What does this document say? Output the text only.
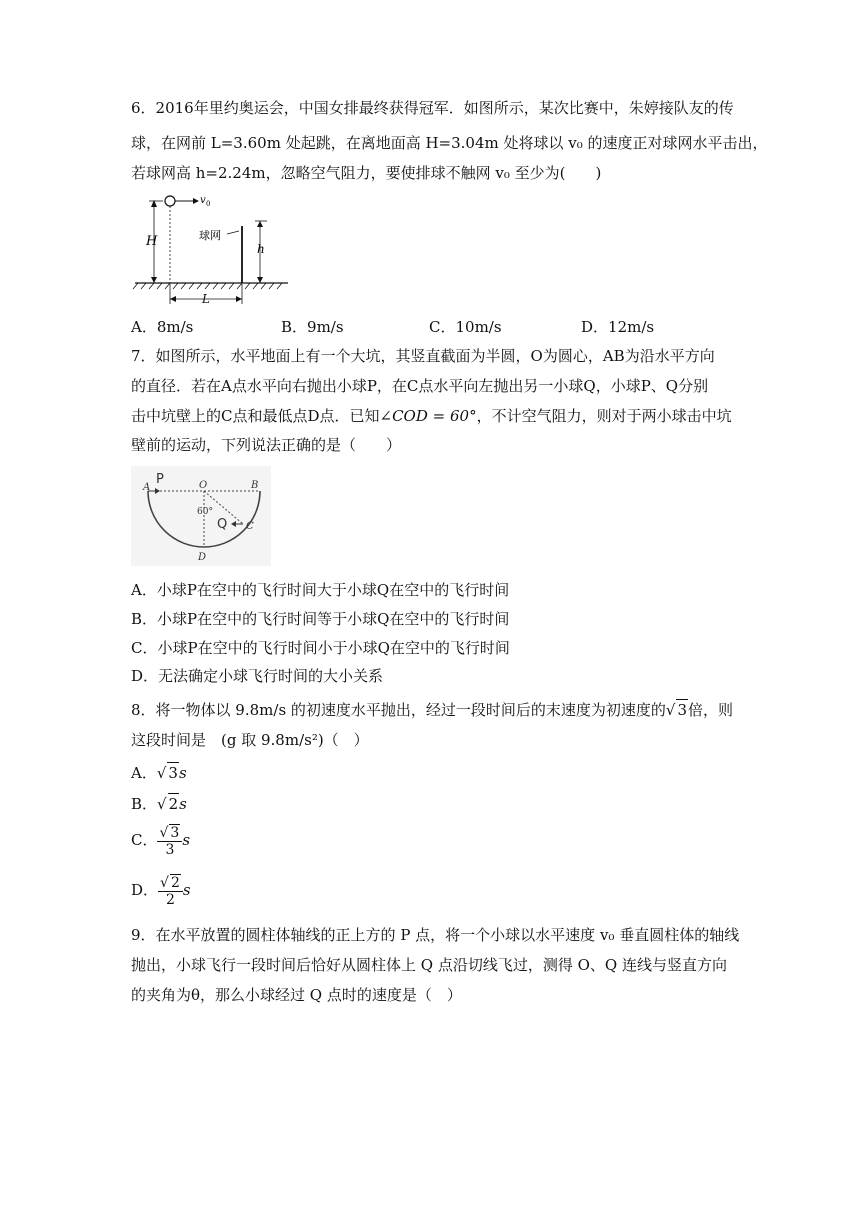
6．2016年里约奥运会，中国女排最终获得冠军．如图所示，某次比赛中，朱婷接队友的传
球，在网前 L=3.60m 处起跳，在离地面高 H=3.04m 处将球以 v₀ 的速度正对球网水平击出，
若球网高 h=2.24m，忽略空气阻力，要使排球不触网 v₀ 至少为(　　)
v 0
H	球网
h
L
A．8m/s	B．9m/s	C．10m/s	D．12m/s
7．如图所示，水平地面上有一个大坑，其竖直截面为半圆，O为圆心，AB为沿水平方向
的直径．若在A点水平向右抛出小球P，在C点水平向左抛出另一小球Q，小球P、Q分别
击中坑壁上的C点和最低点D点．已知∠COD = 60°，不计空气阻力，则对于两小球击中坑
壁前的运动，下列说法正确的是（　　）
A
P	O	B
60°
Q C
D
A．小球P在空中的飞行时间大于小球Q在空中的飞行时间
B．小球P在空中的飞行时间等于小球Q在空中的飞行时间
C．小球P在空中的飞行时间小于小球Q在空中的飞行时间
D．无法确定小球飞行时间的大小关系
8．将一物体以 9.8m/s 的初速度水平抛出，经过一段时间后的末速度为初速度的√ 3倍，则
这段时间是　(g 取 9.8m/s²)（　）
A．√ 3s
B．√ 2s
C． $\frac{√ 3}{3}$ s
D． $\frac{√ 2}{2}$ s
9．在水平放置的圆柱体轴线的正上方的 P 点，将一个小球以水平速度 v₀ 垂直圆柱体的轴线
抛出，小球飞行一段时间后恰好从圆柱体上 Q 点沿切线飞过，测得 O、Q 连线与竖直方向
的夹角为θ，那么小球经过 Q 点时的速度是（　）
